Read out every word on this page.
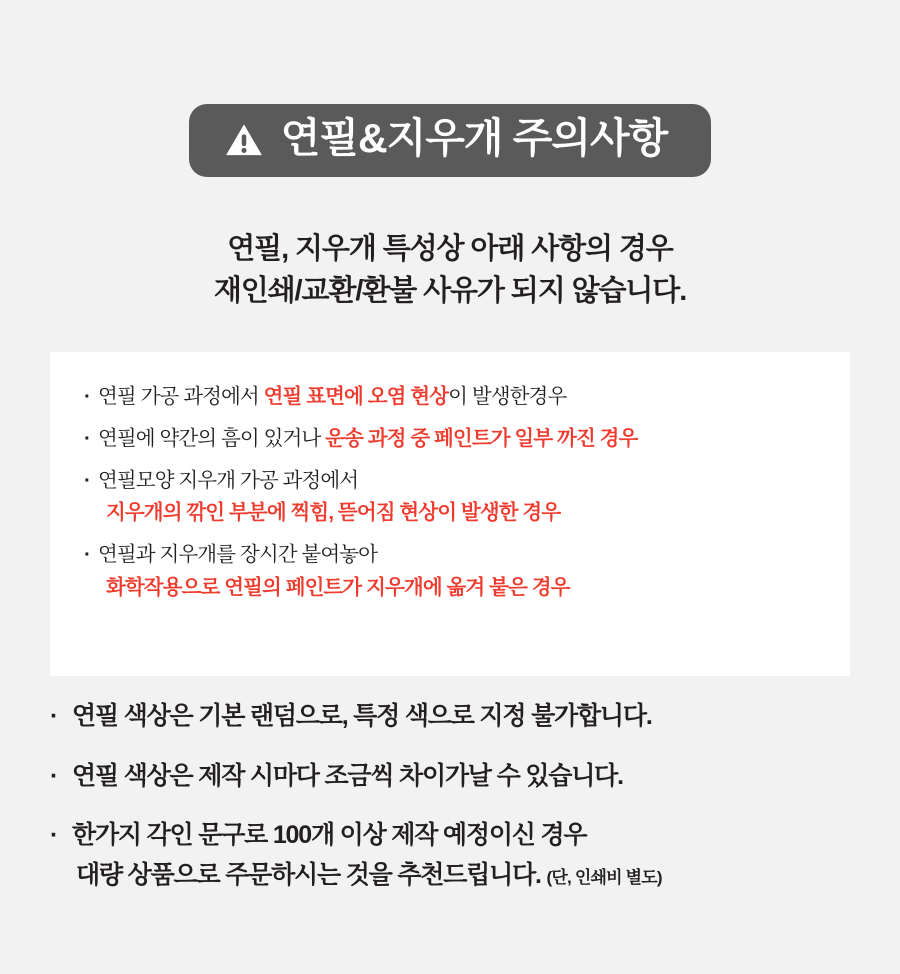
연필&지우개 주의사항
연필, 지우개 특성상 아래 사항의 경우
재인쇄/교환/환불 사유가 되지 않습니다.
· 연필 가공 과정에서 연필 표면에 오염 현상이 발생한경우
· 연필에 약간의 흠이 있거나 운송 과정 중 페인트가 일부 까진 경우
· 연필모양 지우개 가공 과정에서
지우개의 깎인 부분에 찍힘, 뜯어짐 현상이 발생한 경우
· 연필과 지우개를 장시간 붙여놓아
화학작용으로 연필의 페인트가 지우개에 옮겨 붙은 경우
· 연필 색상은 기본 랜덤으로, 특정 색으로 지정 불가합니다.
· 연필 색상은 제작 시마다 조금씩 차이가날 수 있습니다.
· 한가지 각인 문구로 100개 이상 제작 예정이신 경우
대량 상품으로 주문하시는 것을 추천드립니다. (단, 인쇄비 별도)
